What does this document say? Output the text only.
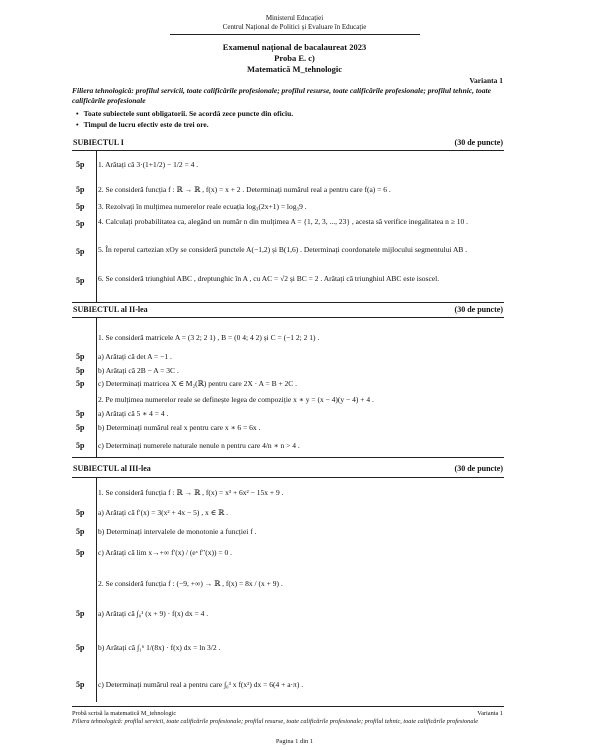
Ministerul Educației
Centrul Național de Politici și Evaluare în Educație
Examenul național de bacalaureat 2023
Proba E. c)
Matematică M_tehnologic
Varianta 1
Filiera tehnologică: profilul servicii, toate calificările profesionale; profilul resurse, toate calificările profesionale; profilul tehnic, toate calificările profesionale
• Toate subiectele sunt obligatorii. Se acordă zece puncte din oficiu.
• Timpul de lucru efectiv este de trei ore.
SUBIECTUL I	(30 de puncte)
5p 1. Arătați că 3·(1+1/2) − 1/2 = 4 .
5p 2. Se consideră funcția f : ℝ → ℝ , f(x) = x + 2 . Determinați numărul real a pentru care f(a) = 6 .
5p 3. Rezolvați în mulțimea numerelor reale ecuația log₃(2x+1) = log₃9 .
5p 4. Calculați probabilitatea ca, alegând un număr n din mulțimea A = {1, 2, 3, ..., 23} , acesta să verifice inegalitatea n ≥ 10 .
5p 5. În reperul cartezian xOy se consideră punctele A(−1,2) și B(1,6) . Determinați coordonatele mijlocului segmentului AB .
5p 6. Se consideră triunghiul ABC , dreptunghic în A , cu AC = √2 și BC = 2 . Arătați că triunghiul ABC este isoscel.
SUBIECTUL al II-lea	(30 de puncte)
1. Se consideră matricele A = (3 2; 2 1) , B = (0 4; 4 2) și C = (−1 2; 2 1) .
5p a) Arătați că det A = −1 .
5p b) Arătați că 2B − A = 3C .
5p c) Determinați matricea X ∈ M₂(ℝ) pentru care 2X · A = B + 2C .
2. Pe mulțimea numerelor reale se definește legea de compoziție x ∗ y = (x − 4)(y − 4) + 4 .
5p a) Arătați că 5 ∗ 4 = 4 .
5p b) Determinați numărul real x pentru care x ∗ 6 = 6x .
5p c) Determinați numerele naturale nenule n pentru care 4/n ∗ n > 4 .
SUBIECTUL al III-lea	(30 de puncte)
1. Se consideră funcția f : ℝ → ℝ , f(x) = x³ + 6x² − 15x + 9 .
5p a) Arătați că f′(x) = 3(x² + 4x − 5) , x ∈ ℝ .
5p b) Determinați intervalele de monotonie a funcției f .
5p c) Arătați că lim x→+∞ f′(x) / (eˣ f″(x)) = 0 .
2. Se consideră funcția f : (−9, +∞) → ℝ , f(x) = 8x / (x + 9) .
5p a) Arătați că ∫₀¹ (x + 9) · f(x) dx = 4 .
5p b) Arătați că ∫₁⁶ 1/(8x) · f(x) dx = ln 3/2 .
5p c) Determinați numărul real a pentru care ∫₀³ x f(x²) dx = 6(4 + a·π) .
Probă scrisă la matematică M_tehnologic	Varianta 1
Filiera tehnologică: profilul servicii, toate calificările profesionale; profilul resurse, toate calificările profesionale; profilul tehnic, toate calificările profesionale
Pagina 1 din 1
